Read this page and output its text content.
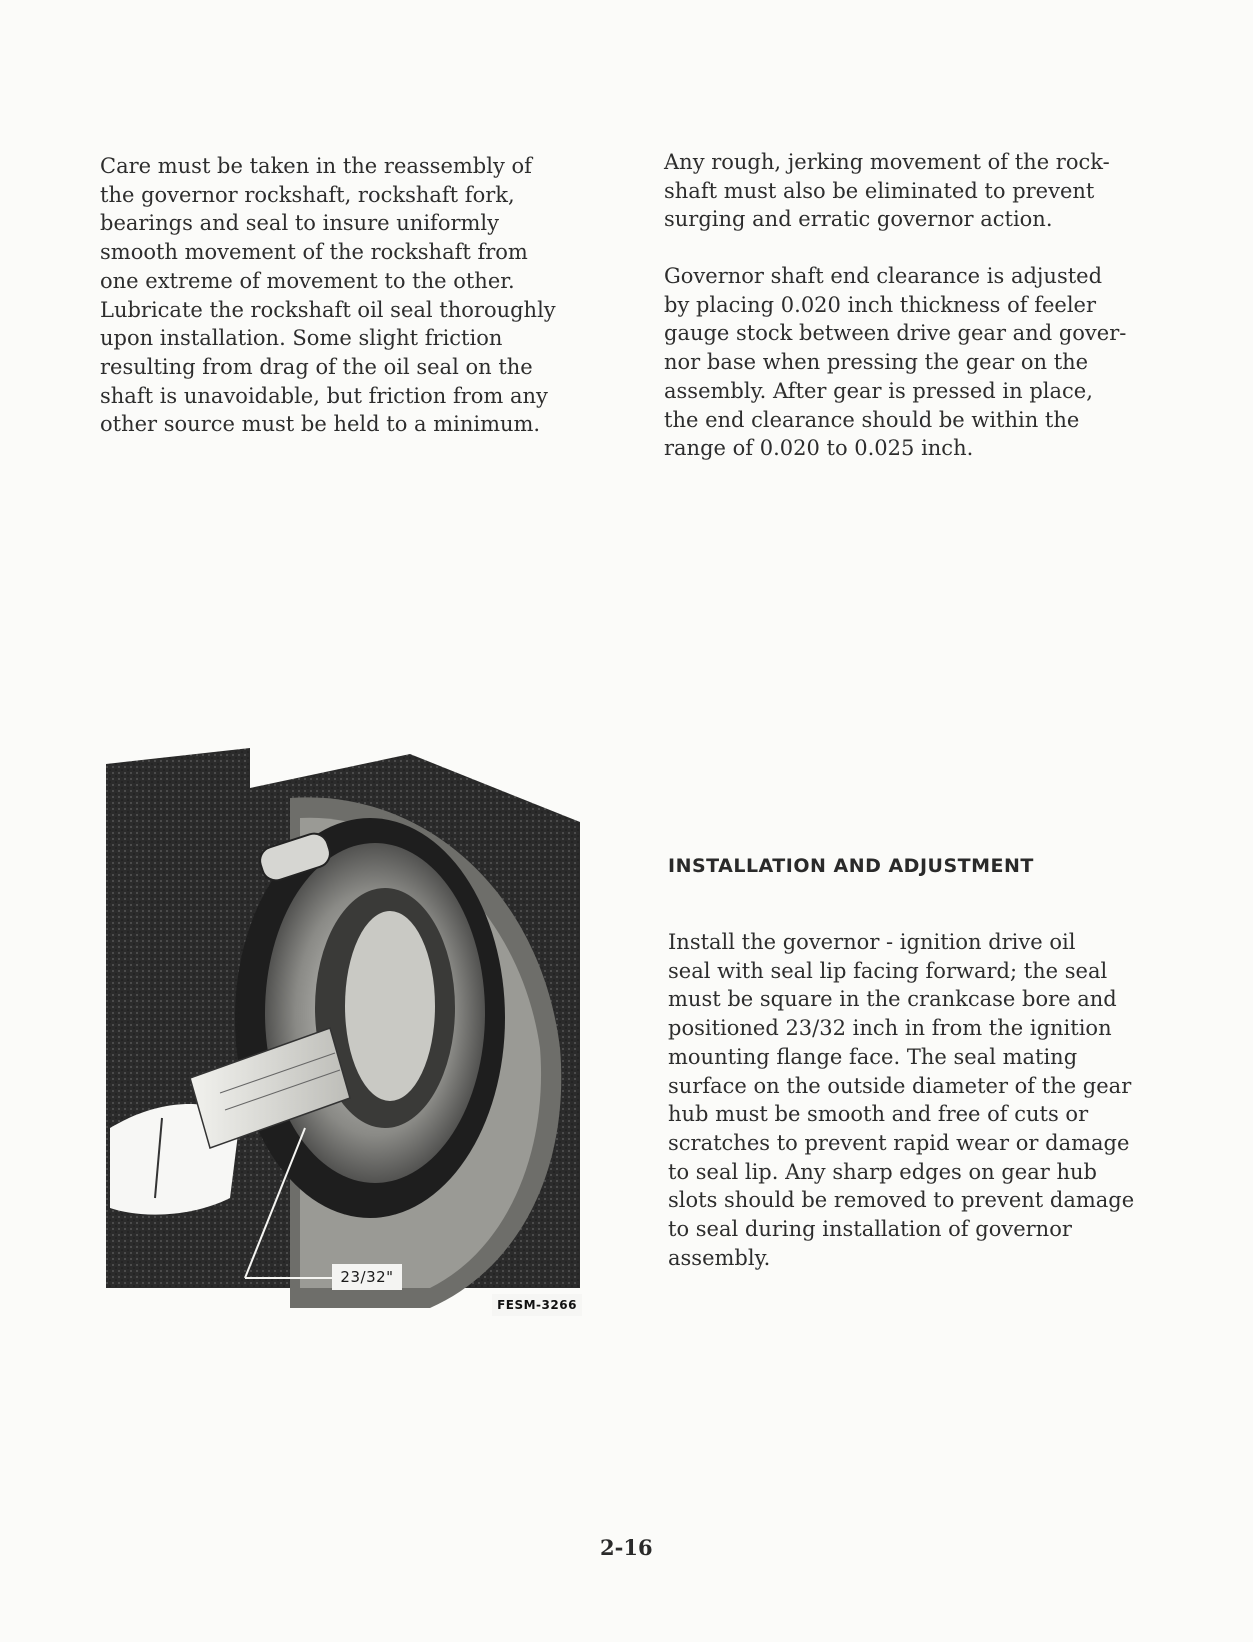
Care must be taken in the reassembly of
the governor rockshaft, rockshaft fork,
bearings and seal to insure uniformly
smooth movement of the rockshaft from
one extreme of movement to the other.
Lubricate the rockshaft oil seal thoroughly
upon installation. Some slight friction
resulting from drag of the oil seal on the
shaft is unavoidable, but friction from any
other source must be held to a minimum.

Any rough, jerking movement of the rock-
shaft must also be eliminated to prevent
surging and erratic governor action.

Governor shaft end clearance is adjusted
by placing 0.020 inch thickness of feeler
gauge stock between drive gear and gover-
nor base when pressing the gear on the
assembly. After gear is pressed in place,
the end clearance should be within the
range of 0.020 to 0.025 inch.

23/32"
FESM-3266
INSTALLATION AND ADJUSTMENT

Install the governor - ignition drive oil
seal with seal lip facing forward; the seal
must be square in the crankcase bore and
positioned 23/32 inch in from the ignition
mounting flange face. The seal mating
surface on the outside diameter of the gear
hub must be smooth and free of cuts or
scratches to prevent rapid wear or damage
to seal lip. Any sharp edges on gear hub
slots should be removed to prevent damage
to seal during installation of governor
assembly.

2-16
